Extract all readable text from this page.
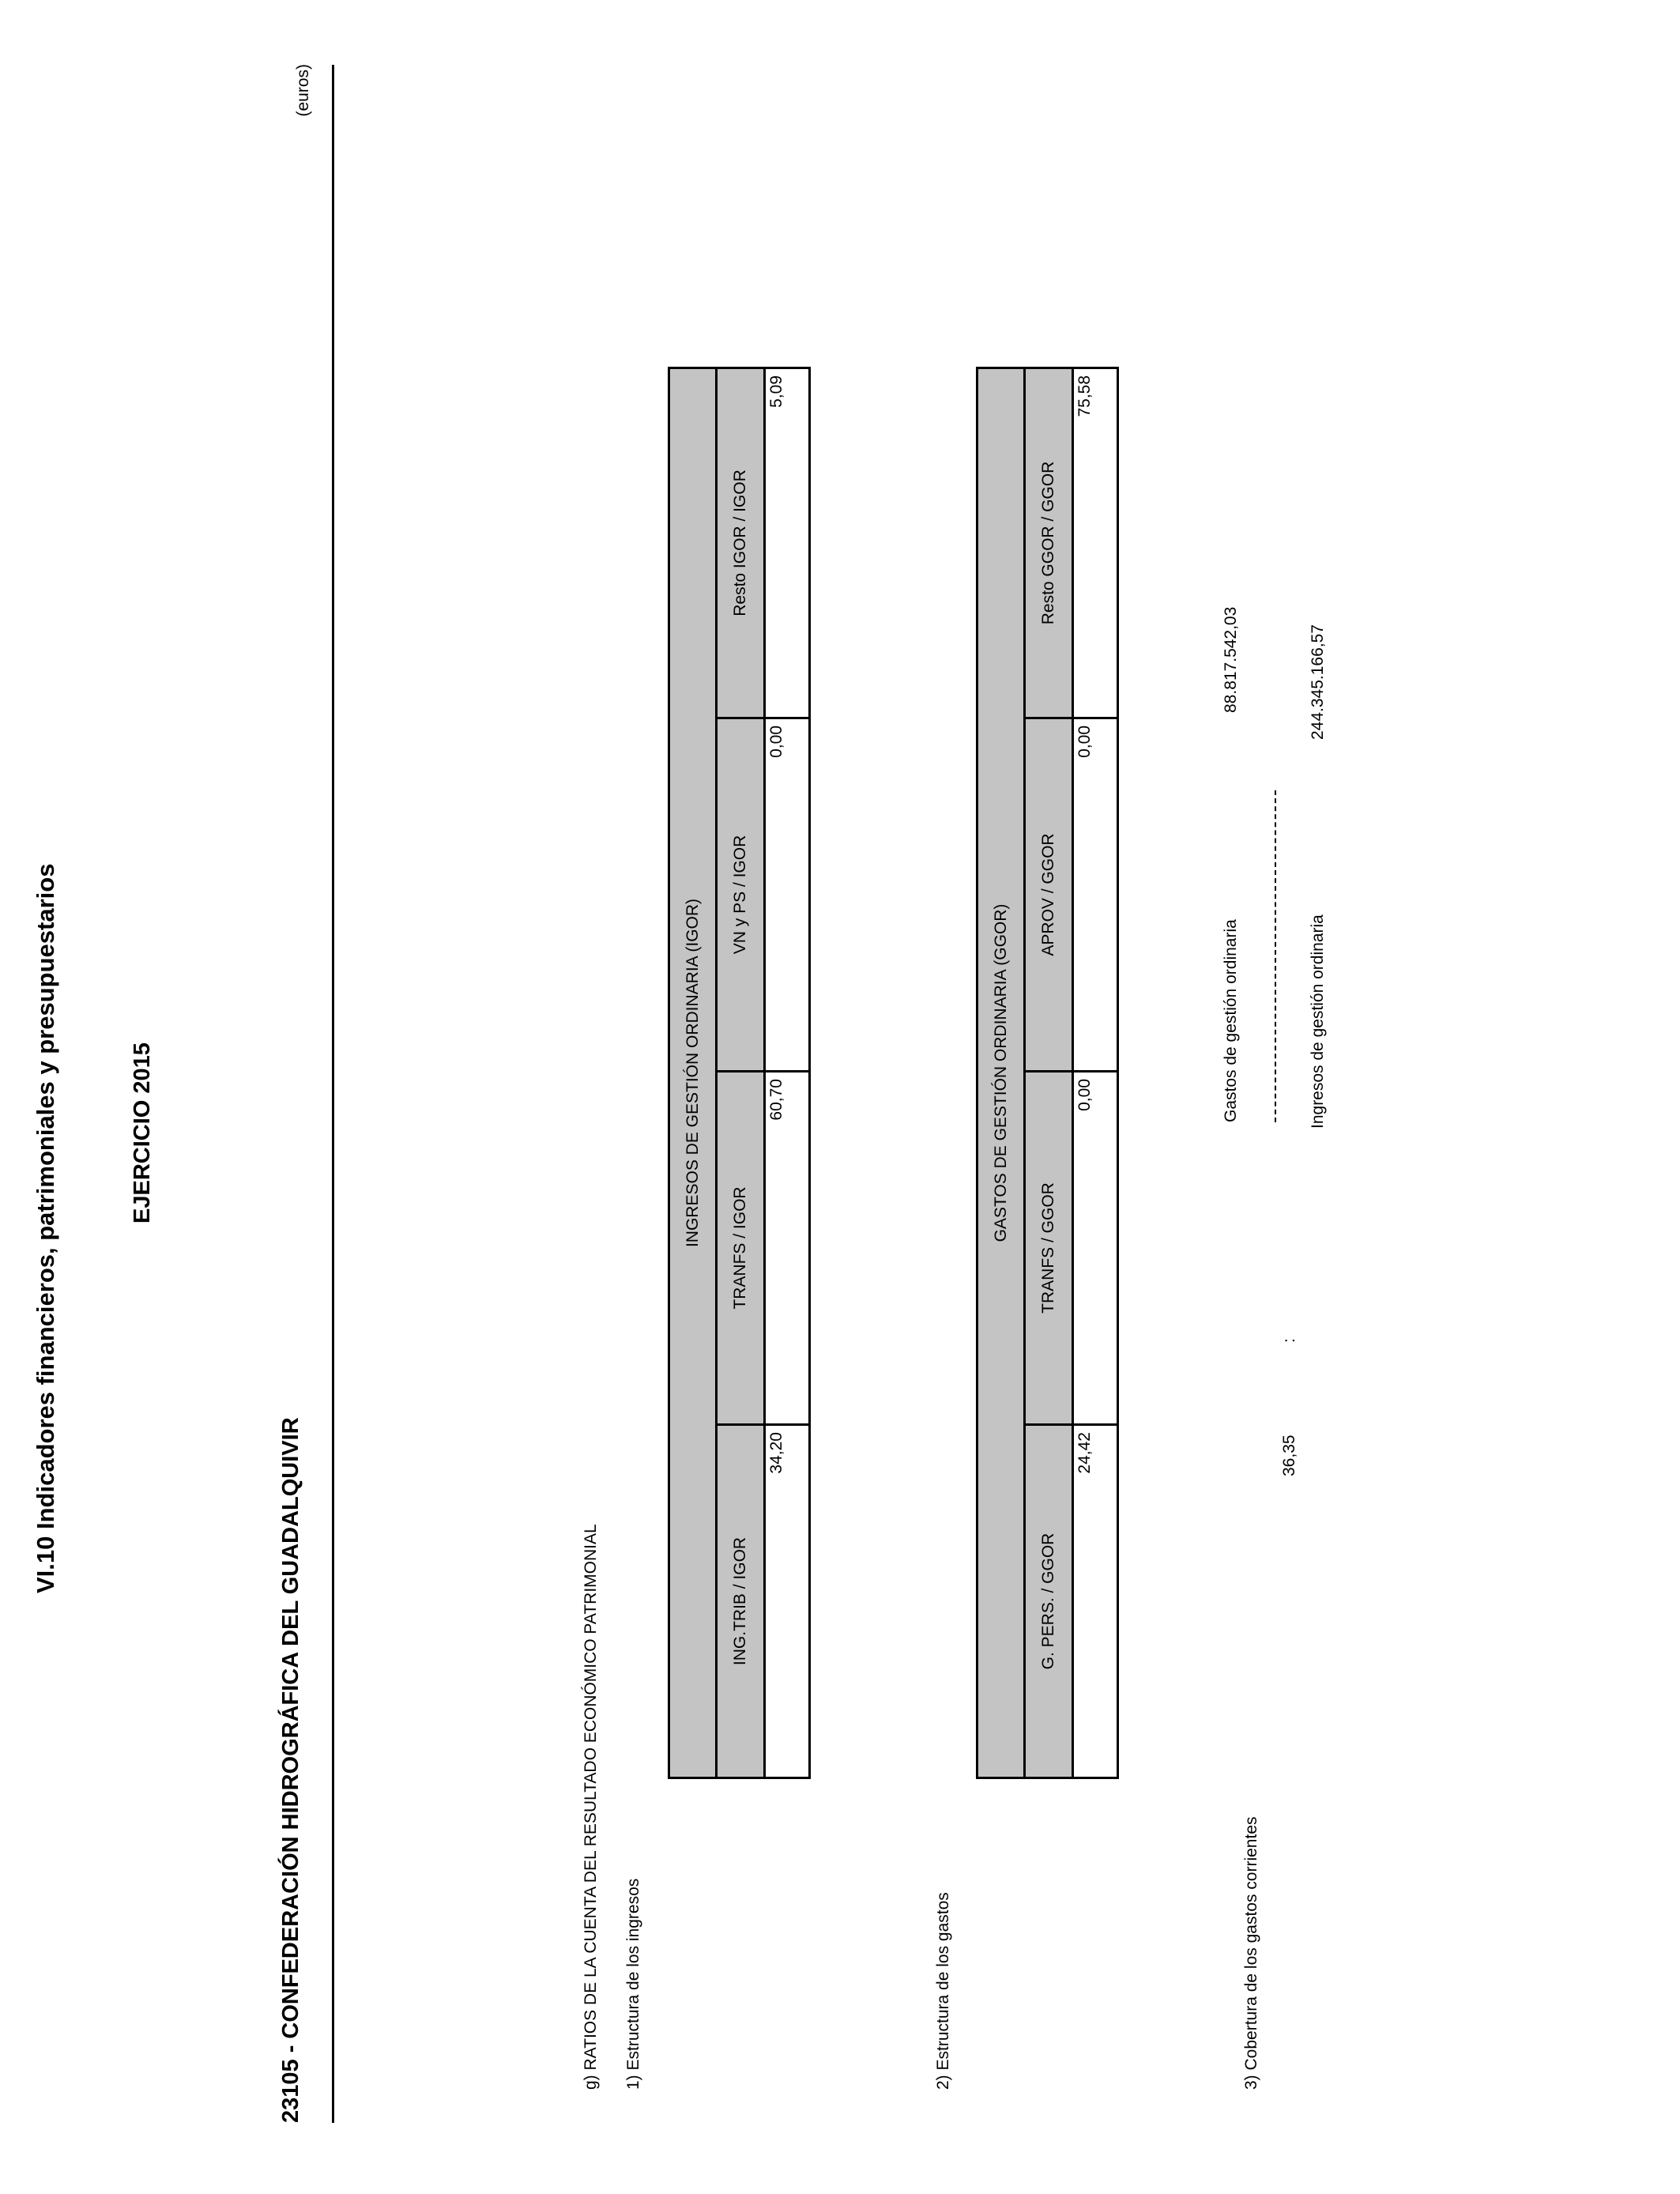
VI.10 Indicadores financieros, patrimoniales y presupuestarios	EJERCICIO 2015
23105 - CONFEDERACIÓN HIDROGRÁFICA DEL GUADALQUIVIR
(euros)
g) RATIOS DE LA CUENTA DEL RESULTADO ECONÓMICO PATRIMONIAL 1) Estructura de los ingresos
INGRESOS DE GESTIÓN ORDINARIA (IGOR)			
ING.TRIB / IGOR	TRANFS / IGOR	VN y PS / IGOR	Resto IGOR / IGOR
34,20	60,70	0,00	5,09
2) Estructura de los gastos
GASTOS DE GESTIÓN ORDINARIA (GGOR)			
G. PERS. / GGOR	TRANFS / GGOR	APROV / GGOR	Resto GGOR / GGOR
24,42	0,00	0,00	75,58
3) Cobertura de los gastos corrientes
36,35
:
Gastos de gestión ordinaria
88.817.542,03
Ingresos de gestión ordinaria
244.345.166,57
